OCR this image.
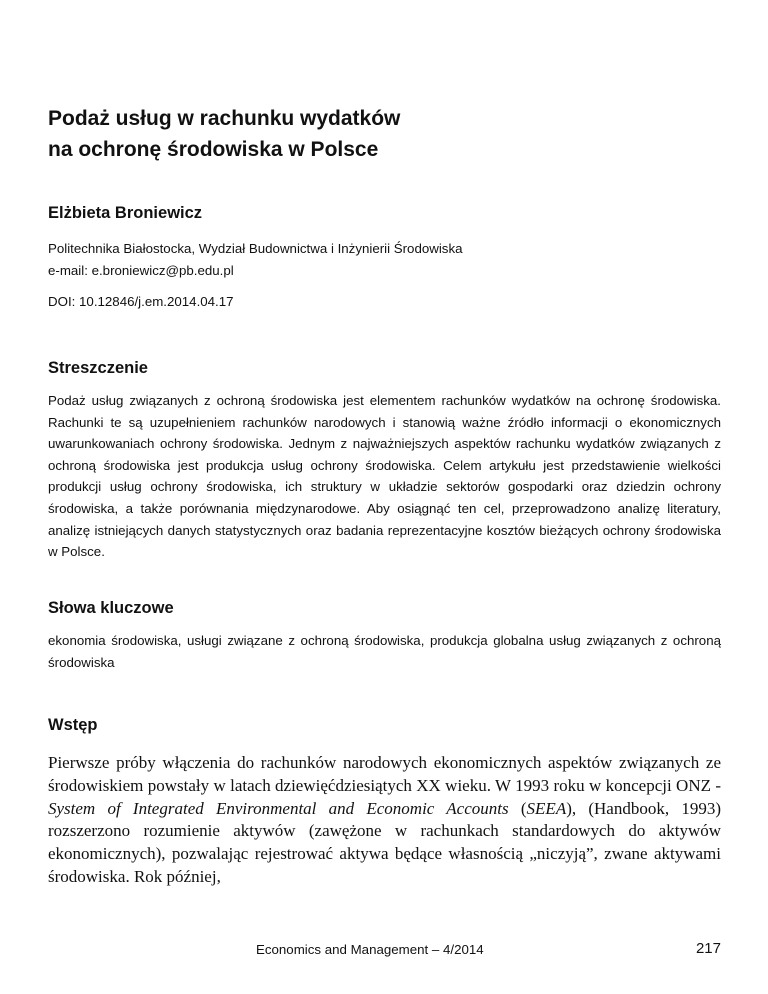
Podaż usług w rachunku wydatków
na ochronę środowiska w Polsce

Elżbieta Broniewicz

Politechnika Białostocka, Wydział Budownictwa i Inżynierii Środowiska
e-mail: e.broniewicz@pb.edu.pl

DOI: 10.12846/j.em.2014.04.17

Streszczenie

Podaż usług związanych z ochroną środowiska jest elementem rachunków wydatków na ochronę środowiska. Rachunki te są uzupełnieniem rachunków narodowych i stanowią ważne źródło informacji o ekonomicznych uwarunkowaniach ochrony środowiska. Jednym z najważniejszych aspektów rachunku wydatków związanych z ochroną środowiska jest produkcja usług ochrony środowiska. Celem artykułu jest przedstawienie wielkości produkcji usług ochrony środowiska, ich struktury w układzie sektorów gospodarki oraz dziedzin ochrony środowiska, a także porównania międzynarodowe. Aby osiągnąć ten cel, przeprowadzono analizę literatury, analizę istniejących danych statystycznych oraz badania reprezentacyjne kosztów bieżących ochrony środowiska w Polsce.

Słowa kluczowe

ekonomia środowiska, usługi związane z ochroną środowiska, produkcja globalna usług związanych z ochroną środowiska

Wstęp

Pierwsze próby włączenia do rachunków narodowych ekonomicznych aspektów związanych ze środowiskiem powstały w latach dziewięćdziesiątych XX wieku. W 1993 roku w koncepcji ONZ - System of Integrated Environmental and Economic Accounts (SEEA), (Handbook, 1993) rozszerzono rozumienie aktywów (zawężone w rachunkach standardowych do aktywów ekonomicznych), pozwalając rejestrować aktywa będące własnością „niczyją”, zwane aktywami środowiska. Rok później,

Economics and Management – 4/2014	217
